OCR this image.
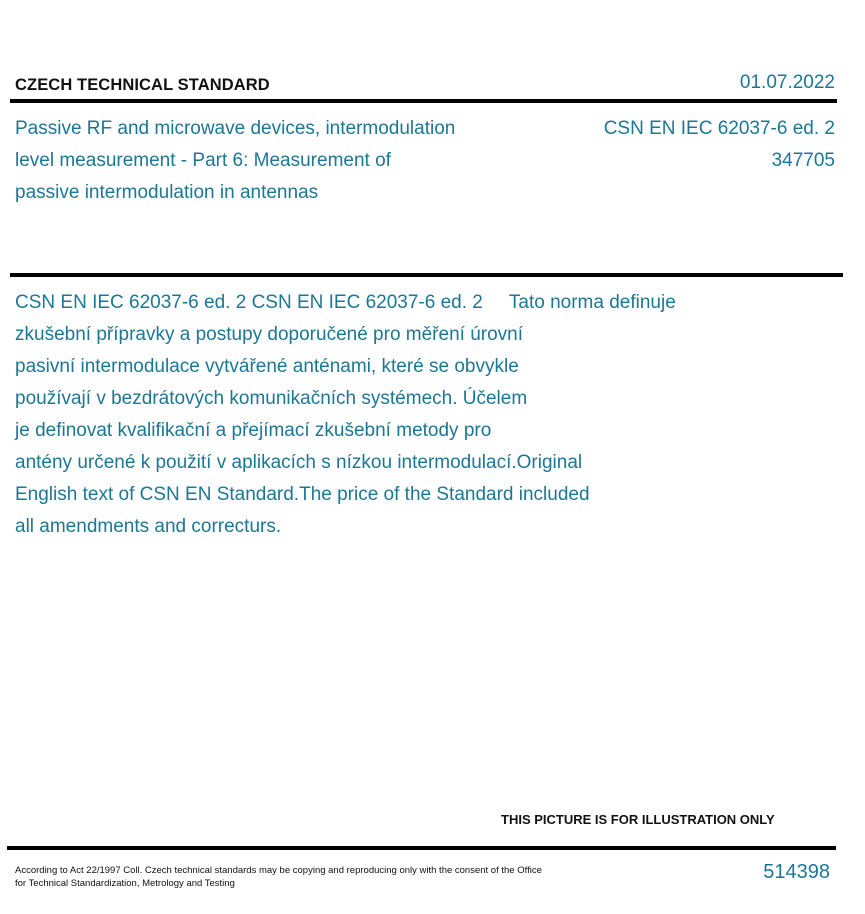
CZECH TECHNICAL STANDARD	01.07.2022
Passive RF and microwave devices, intermodulation
level measurement - Part 6: Measurement of
passive intermodulation in antennas
CSN EN IEC 62037-6 ed. 2
347705
CSN EN IEC 62037-6 ed. 2 CSN EN IEC 62037-6 ed. 2     Tato norma definuje
zkušební přípravky a postupy doporučené pro měření úrovní
pasivní intermodulace vytvářené anténami, které se obvykle
používají v bezdrátových komunikačních systémech. Účelem
je definovat kvalifikační a přejímací zkušební metody pro
antény určené k použití v aplikacích s nízkou intermodulací.Original
English text of CSN EN Standard.The price of the Standard included
all amendments and correcturs.
THIS PICTURE IS FOR ILLUSTRATION ONLY
According to Act 22/1997 Coll. Czech technical standards may be copying and reproducing only with the consent of the Office
for Technical Standardization, Metrology and Testing
514398
